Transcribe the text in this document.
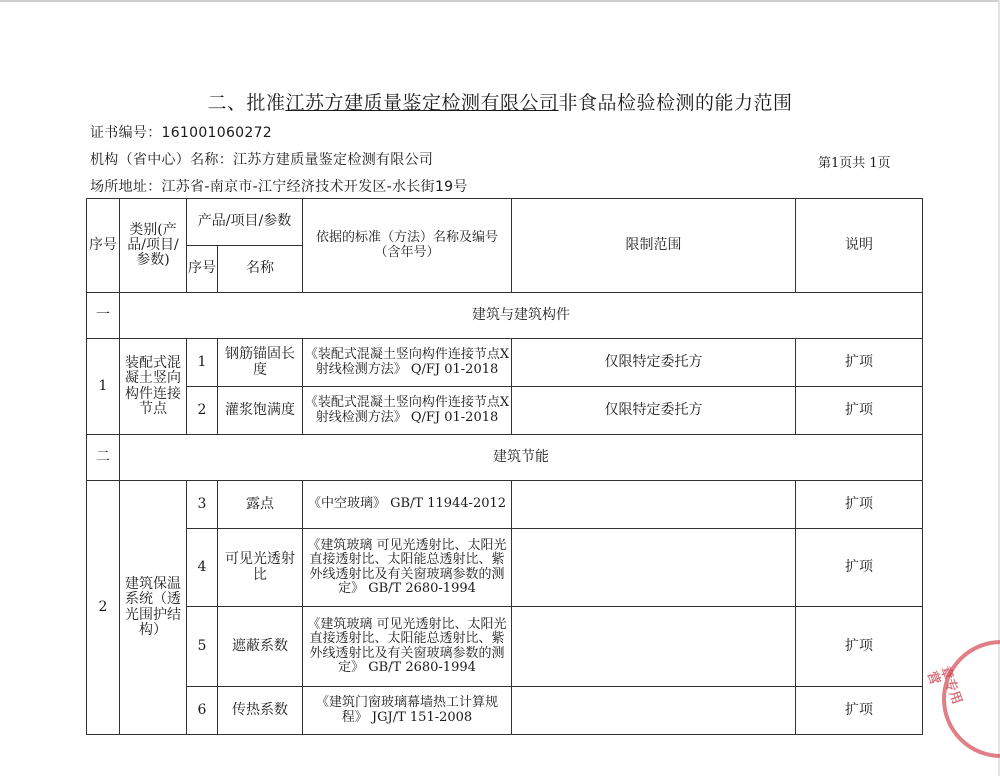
二、批准江苏方建质量鉴定检测有限公司非食品检验检测的能力范围
证书编号：161001060272
机构（省中心）名称：江苏方建质量鉴定检测有限公司
场所地址：江苏省-南京市-江宁经济技术开发区-水长街19号
第1页共 1页
序号	类别(产品/项目/参数)	产品/项目/参数		依据的标准（方法）名称及编号（含年号）	限制范围	说明
		序号	名称			
一	建筑与建筑构件					
1	装配式混凝土竖向构件连接节点	1	钢筋锚固长度	《装配式混凝土竖向构件连接节点X射线检测方法》 Q/FJ 01-2018	仅限特定委托方	扩项
		2	灌浆饱满度	《装配式混凝土竖向构件连接节点X射线检测方法》 Q/FJ 01-2018	仅限特定委托方	扩项
二	建筑节能					
2	建筑保温系统（透光围护结构）	3	露点	《中空玻璃》 GB/T 11944-2012		扩项
		4	可见光透射比	《建筑玻璃 可见光透射比、太阳光直接透射比、太阳能总透射比、紫外线透射比及有关窗玻璃参数的测定》 GB/T 2680-1994		扩项
		5	遮蔽系数	《建筑玻璃 可见光透射比、太阳光直接透射比、太阳能总透射比、紫外线透射比及有关窗玻璃参数的测定》 GB/T 2680-1994		扩项
		6	传热系数	《建筑门窗玻璃幕墙热工计算规程》 JGJ/T 151-2008		扩项
章专用营
